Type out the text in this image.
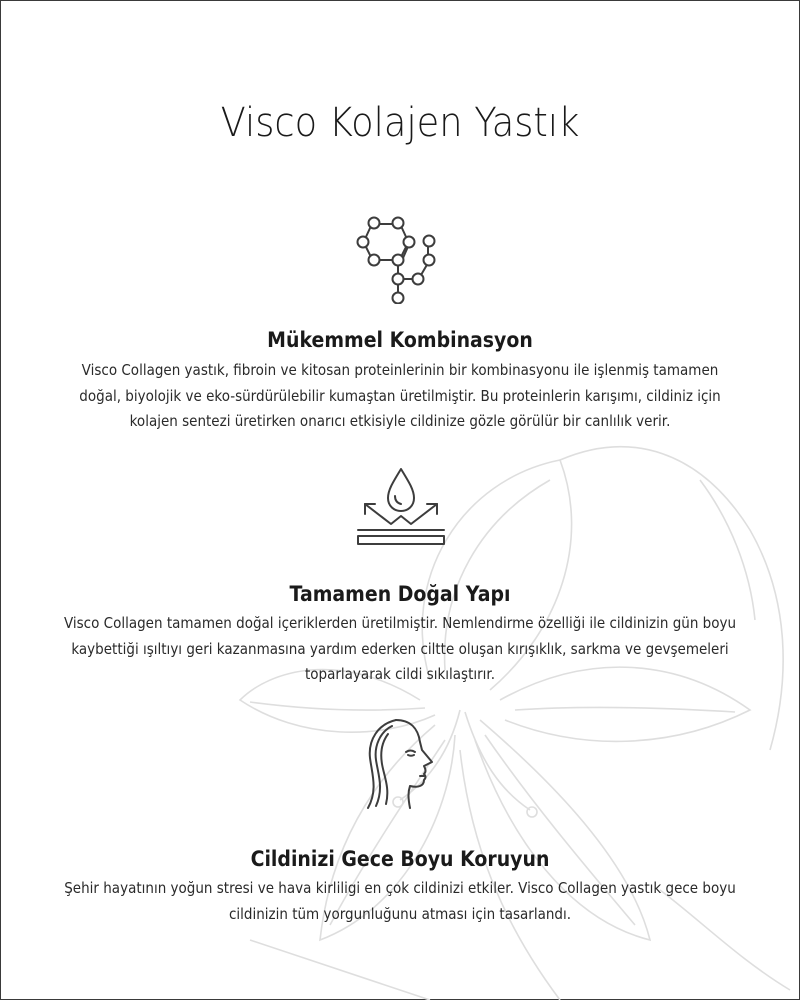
Visco Kolajen Yastık
Mükemmel Kombinasyon
Visco Collagen yastık, fibroin ve kitosan proteinlerinin bir kombinasyonu ile işlenmiş tamamen
doğal, biyolojik ve eko-sürdürülebilir kumaştan üretilmiştir. Bu proteinlerin karışımı, cildiniz için
kolajen sentezi üretirken onarıcı etkisiyle cildinize gözle görülür bir canlılık verir.
Tamamen Doğal Yapı
Visco Collagen tamamen doğal içeriklerden üretilmiştir. Nemlendirme özelliği ile cildinizin gün boyu
kaybettiği ışıltıyı geri kazanmasına yardım ederken ciltte oluşan kırışıklık, sarkma ve gevşemeleri
toparlayarak cildi sıkılaştırır.
Cildinizi Gece Boyu Koruyun
Şehir hayatının yoğun stresi ve hava kirliligi en çok cildinizi etkiler. Visco Collagen yastık gece boyu
cildinizin tüm yorgunluğunu atması için tasarlandı.
